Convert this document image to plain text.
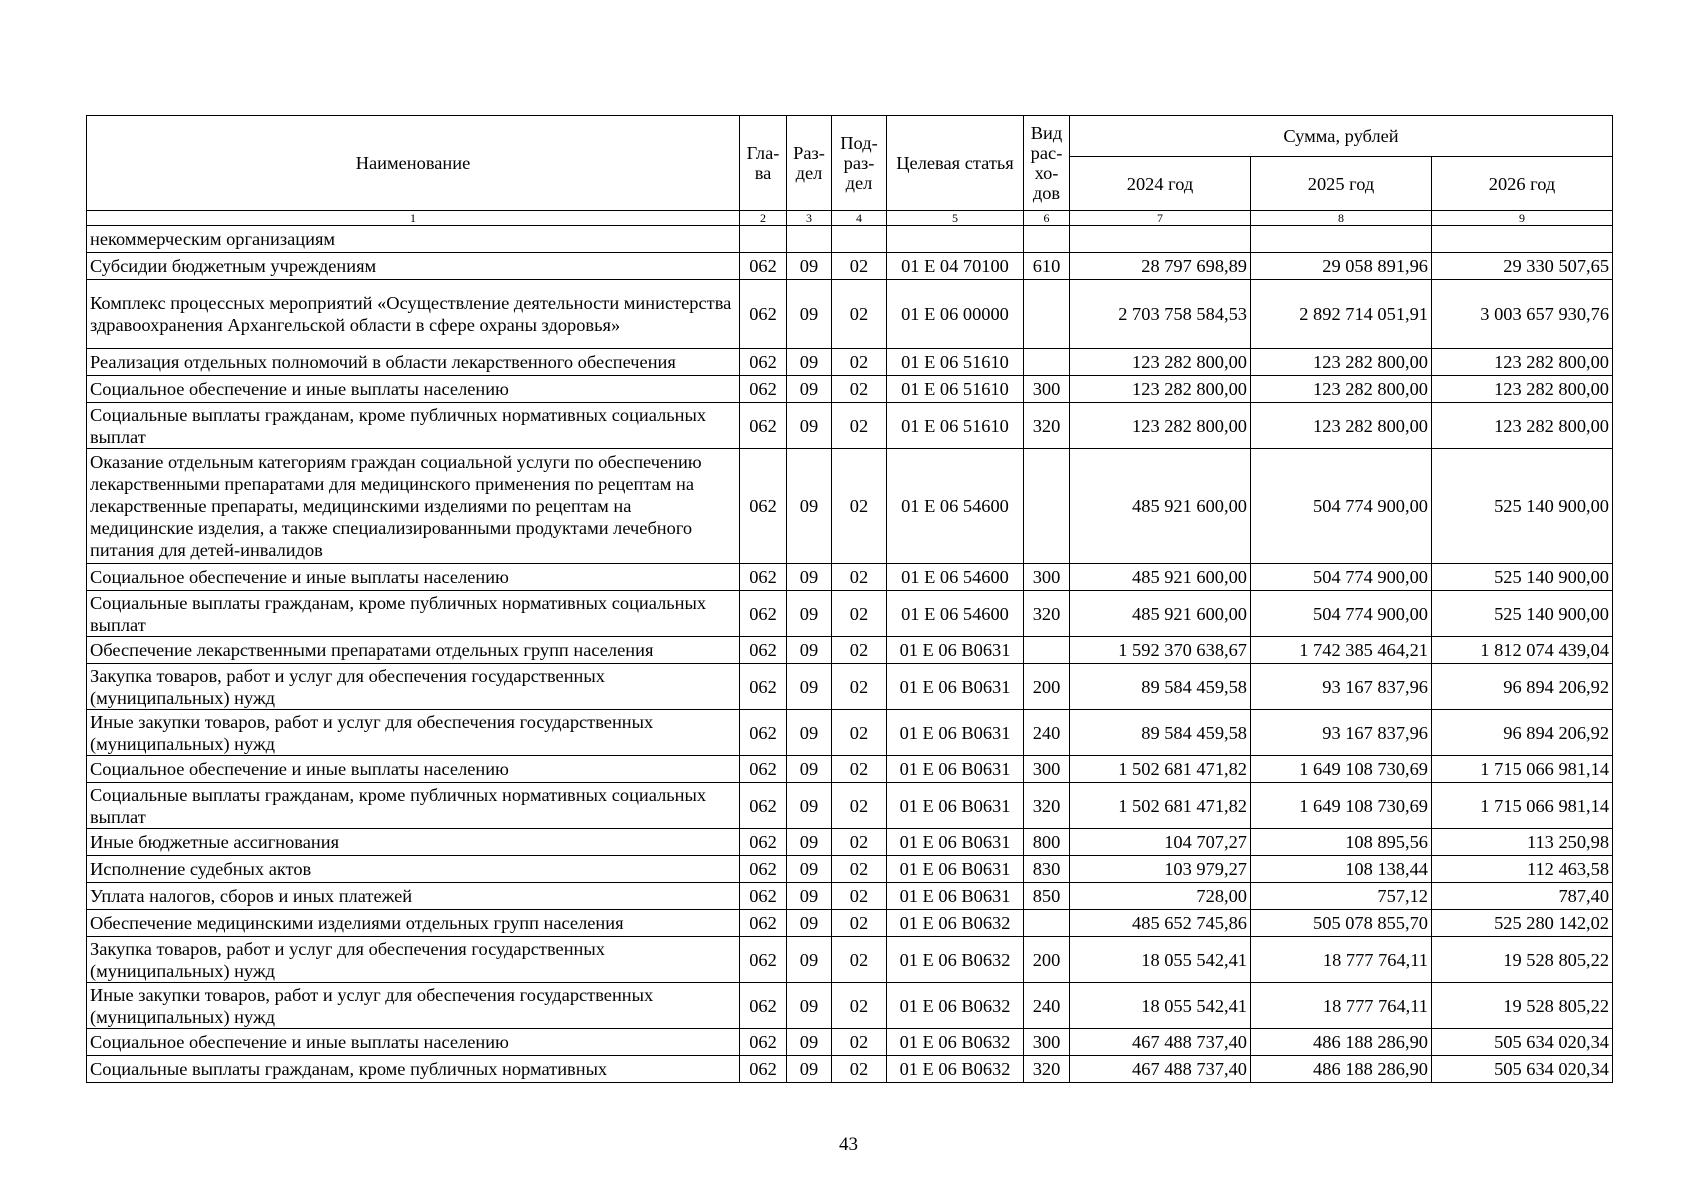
Наименование	Гла-ва	Раз-дел	Под-раз-дел	Целевая статья	Вид рас-хо-дов	Сумма, рублей		
						2024 год	2025 год	2026 год
1	2	3	4	5	6	7	8	9
некоммерческим организациям								
Субсидии бюджетным учреждениям	062	09	02	01 Е 04 70100	610	28 797 698,89	29 058 891,96	29 330 507,65
Комплекс процессных мероприятий «Осуществление деятельности министерства здравоохранения Архангельской области в сфере охраны здоровья»	062	09	02	01 Е 06 00000		2 703 758 584,53	2 892 714 051,91	3 003 657 930,76
Реализация отдельных полномочий в области лекарственного обеспечения	062	09	02	01 Е 06 51610		123 282 800,00	123 282 800,00	123 282 800,00
Социальное обеспечение и иные выплаты населению	062	09	02	01 Е 06 51610	300	123 282 800,00	123 282 800,00	123 282 800,00
Социальные выплаты гражданам, кроме публичных нормативных социальных выплат	062	09	02	01 Е 06 51610	320	123 282 800,00	123 282 800,00	123 282 800,00
Оказание отдельным категориям граждан социальной услуги по обеспечению лекарственными препаратами для медицинского применения по рецептам на лекарственные препараты, медицинскими изделиями по рецептам на медицинские изделия, а также специализированными продуктами лечебного питания для детей-инвалидов	062	09	02	01 Е 06 54600		485 921 600,00	504 774 900,00	525 140 900,00
Социальное обеспечение и иные выплаты населению	062	09	02	01 Е 06 54600	300	485 921 600,00	504 774 900,00	525 140 900,00
Социальные выплаты гражданам, кроме публичных нормативных социальных выплат	062	09	02	01 Е 06 54600	320	485 921 600,00	504 774 900,00	525 140 900,00
Обеспечение лекарственными препаратами отдельных групп населения	062	09	02	01 Е 06 В0631		1 592 370 638,67	1 742 385 464,21	1 812 074 439,04
Закупка товаров, работ и услуг для обеспечения государственных (муниципальных) нужд	062	09	02	01 Е 06 В0631	200	89 584 459,58	93 167 837,96	96 894 206,92
Иные закупки товаров, работ и услуг для обеспечения государственных (муниципальных) нужд	062	09	02	01 Е 06 В0631	240	89 584 459,58	93 167 837,96	96 894 206,92
Социальное обеспечение и иные выплаты населению	062	09	02	01 Е 06 В0631	300	1 502 681 471,82	1 649 108 730,69	1 715 066 981,14
Социальные выплаты гражданам, кроме публичных нормативных социальных выплат	062	09	02	01 Е 06 В0631	320	1 502 681 471,82	1 649 108 730,69	1 715 066 981,14
Иные бюджетные ассигнования	062	09	02	01 Е 06 В0631	800	104 707,27	108 895,56	113 250,98
Исполнение судебных актов	062	09	02	01 Е 06 В0631	830	103 979,27	108 138,44	112 463,58
Уплата налогов, сборов и иных платежей	062	09	02	01 Е 06 В0631	850	728,00	757,12	787,40
Обеспечение медицинскими изделиями отдельных групп населения	062	09	02	01 Е 06 В0632		485 652 745,86	505 078 855,70	525 280 142,02
Закупка товаров, работ и услуг для обеспечения государственных (муниципальных) нужд	062	09	02	01 Е 06 В0632	200	18 055 542,41	18 777 764,11	19 528 805,22
Иные закупки товаров, работ и услуг для обеспечения государственных (муниципальных) нужд	062	09	02	01 Е 06 В0632	240	18 055 542,41	18 777 764,11	19 528 805,22
Социальное обеспечение и иные выплаты населению	062	09	02	01 Е 06 В0632	300	467 488 737,40	486 188 286,90	505 634 020,34
Социальные выплаты гражданам, кроме публичных нормативных	062	09	02	01 Е 06 В0632	320	467 488 737,40	486 188 286,90	505 634 020,34
43
